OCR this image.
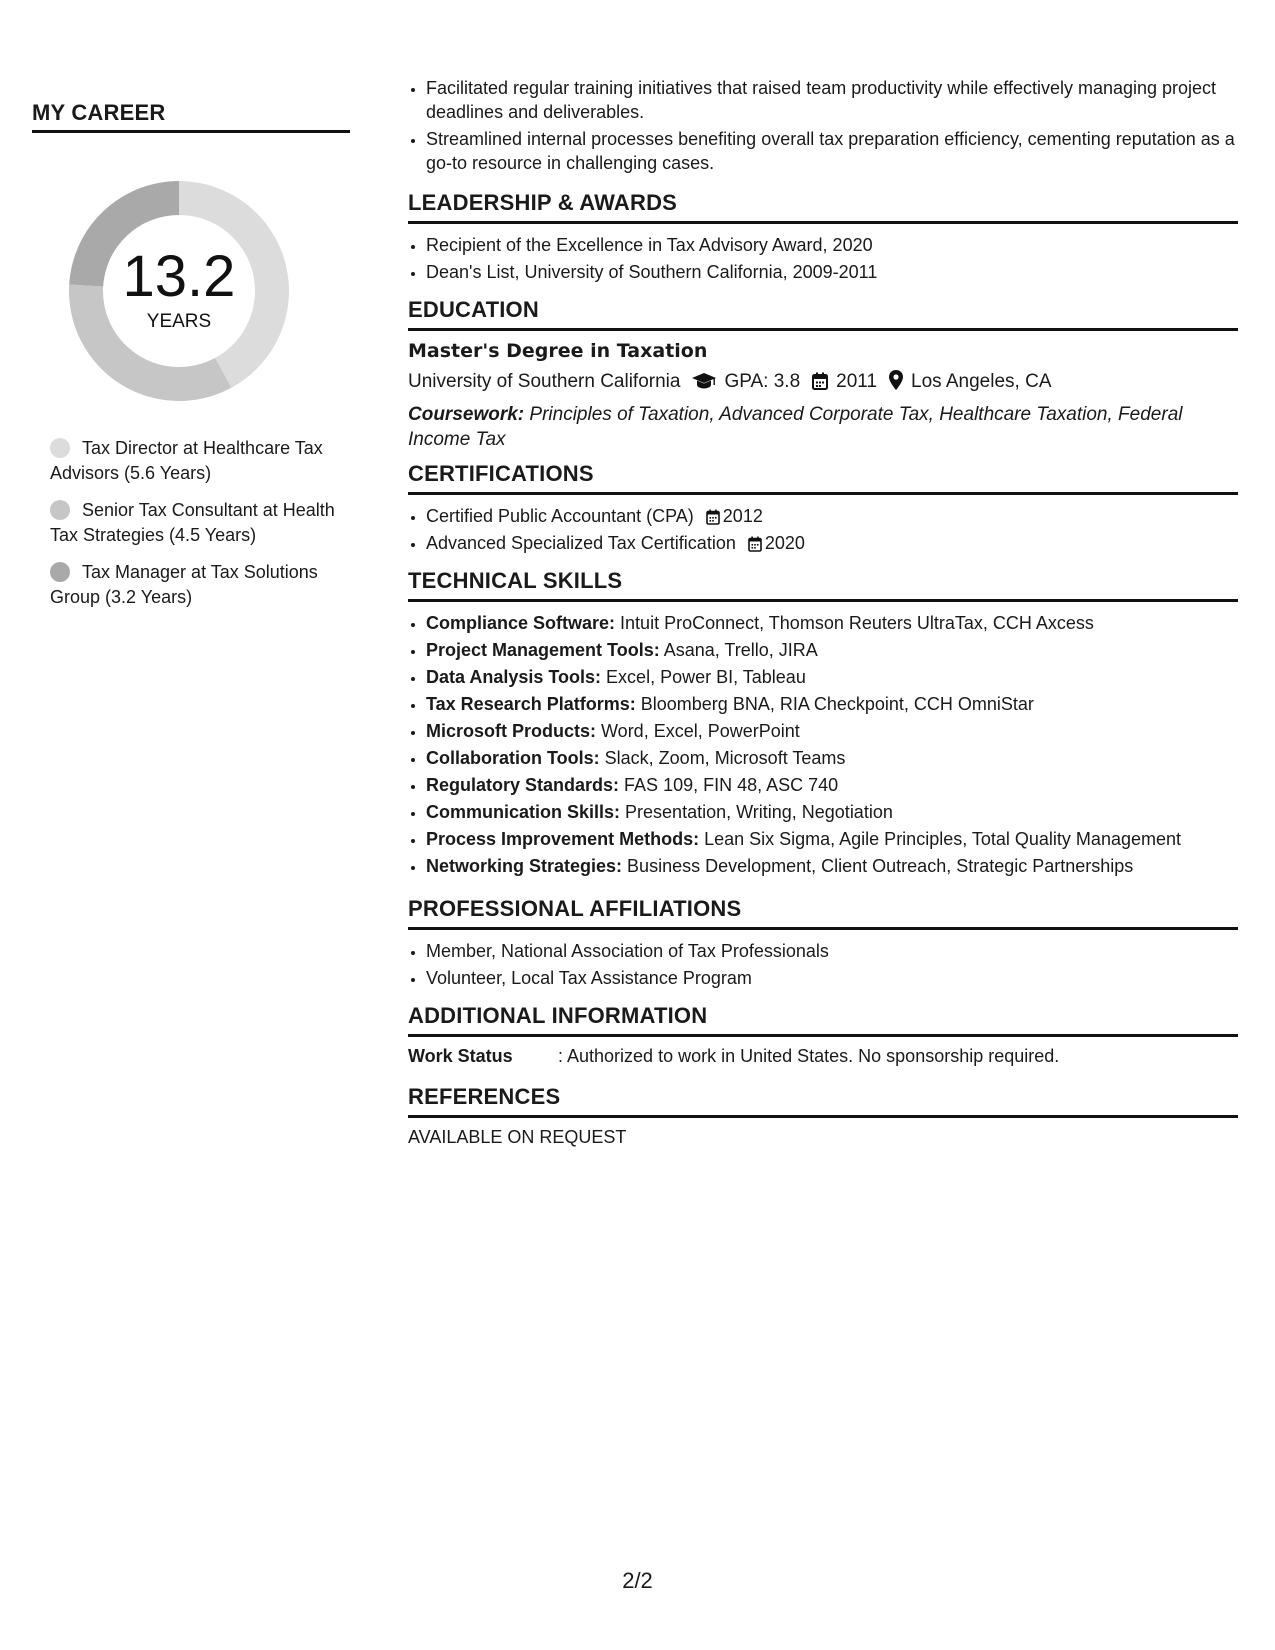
MY CAREER
13.2
YEARS
Tax Director at Healthcare Tax Advisors (5.6 Years)
Senior Tax Consultant at Health Tax Strategies (4.5 Years)
Tax Manager at Tax Solutions Group (3.2 Years)
• Facilitated regular training initiatives that raised team productivity while effectively managing project deadlines and deliverables.
• Streamlined internal processes benefiting overall tax preparation efficiency, cementing reputation as a go-to resource in challenging cases.
LEADERSHIP & AWARDS
• Recipient of the Excellence in Tax Advisory Award, 2020
• Dean's List, University of Southern California, 2009-2011
EDUCATION
Master's Degree in Taxation
University of Southern California GPA: 3.8 2011 Los Angeles, CA
Coursework: Principles of Taxation, Advanced Corporate Tax, Healthcare Taxation, Federal Income Tax
CERTIFICATIONS
• Certified Public Accountant (CPA) 2012
• Advanced Specialized Tax Certification 2020
TECHNICAL SKILLS
• Compliance Software: Intuit ProConnect, Thomson Reuters UltraTax, CCH Axcess
• Project Management Tools: Asana, Trello, JIRA
• Data Analysis Tools: Excel, Power BI, Tableau
• Tax Research Platforms: Bloomberg BNA, RIA Checkpoint, CCH OmniStar
• Microsoft Products: Word, Excel, PowerPoint
• Collaboration Tools: Slack, Zoom, Microsoft Teams
• Regulatory Standards: FAS 109, FIN 48, ASC 740
• Communication Skills: Presentation, Writing, Negotiation
• Process Improvement Methods: Lean Six Sigma, Agile Principles, Total Quality Management
• Networking Strategies: Business Development, Client Outreach, Strategic Partnerships
PROFESSIONAL AFFILIATIONS
• Member, National Association of Tax Professionals
• Volunteer, Local Tax Assistance Program
ADDITIONAL INFORMATION
Work Status	: Authorized to work in United States. No sponsorship required.
REFERENCES
AVAILABLE ON REQUEST
2/2
